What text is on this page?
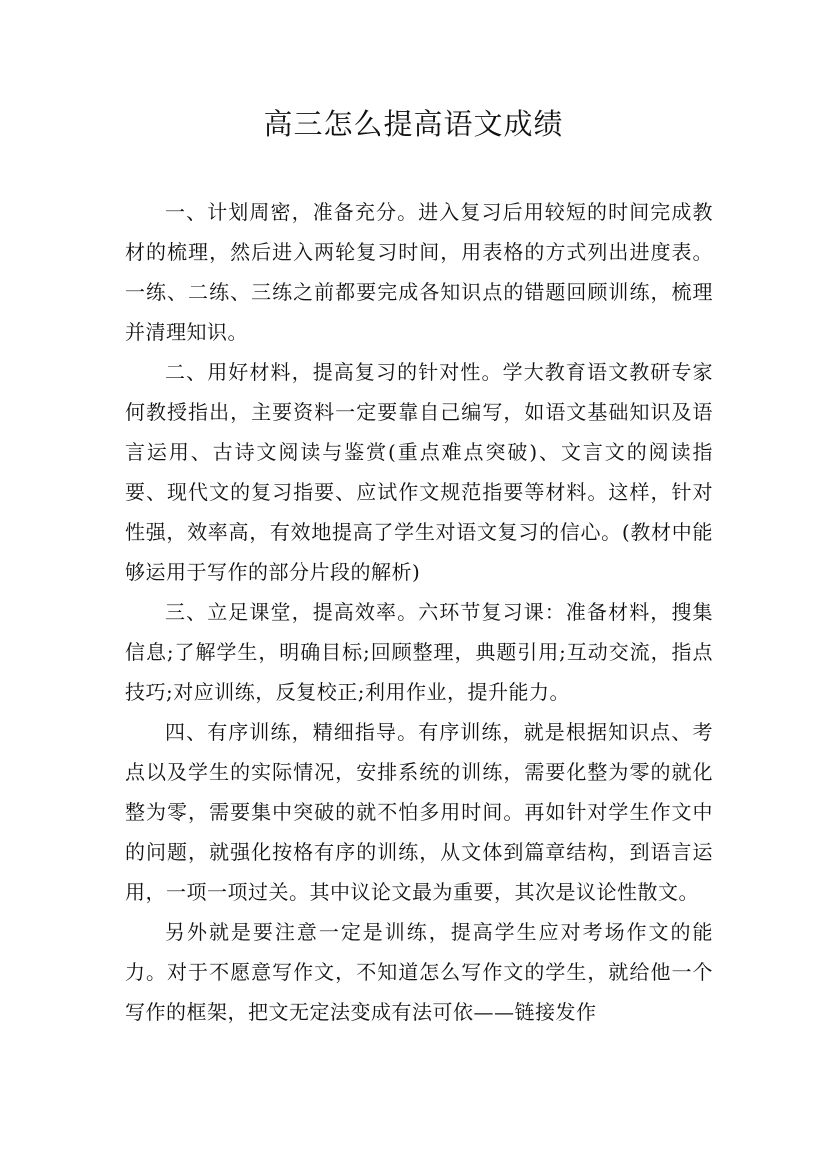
高三怎么提高语文成绩

一、计划周密，准备充分。进入复习后用较短的时间完成教材的梳理，然后进入两轮复习时间，用表格的方式列出进度表。一练、二练、三练之前都要完成各知识点的错题回顾训练，梳理并清理知识。

二、用好材料，提高复习的针对性。学大教育语文教研专家何教授指出，主要资料一定要靠自己编写，如语文基础知识及语言运用、古诗文阅读与鉴赏(重点难点突破)、文言文的阅读指要、现代文的复习指要、应试作文规范指要等材料。这样，针对性强，效率高，有效地提高了学生对语文复习的信心。(教材中能够运用于写作的部分片段的解析)

三、立足课堂，提高效率。六环节复习课：准备材料，搜集信息;了解学生，明确目标;回顾整理，典题引用;互动交流，指点技巧;对应训练，反复校正;利用作业，提升能力。

四、有序训练，精细指导。有序训练，就是根据知识点、考点以及学生的实际情况，安排系统的训练，需要化整为零的就化整为零，需要集中突破的就不怕多用时间。再如针对学生作文中的问题，就强化按格有序的训练，从文体到篇章结构，到语言运用，一项一项过关。其中议论文最为重要，其次是议论性散文。

另外就是要注意一定是训练，提高学生应对考场作文的能力。对于不愿意写作文，不知道怎么写作文的学生，就给他一个写作的框架，把文无定法变成有法可依——链接发作
